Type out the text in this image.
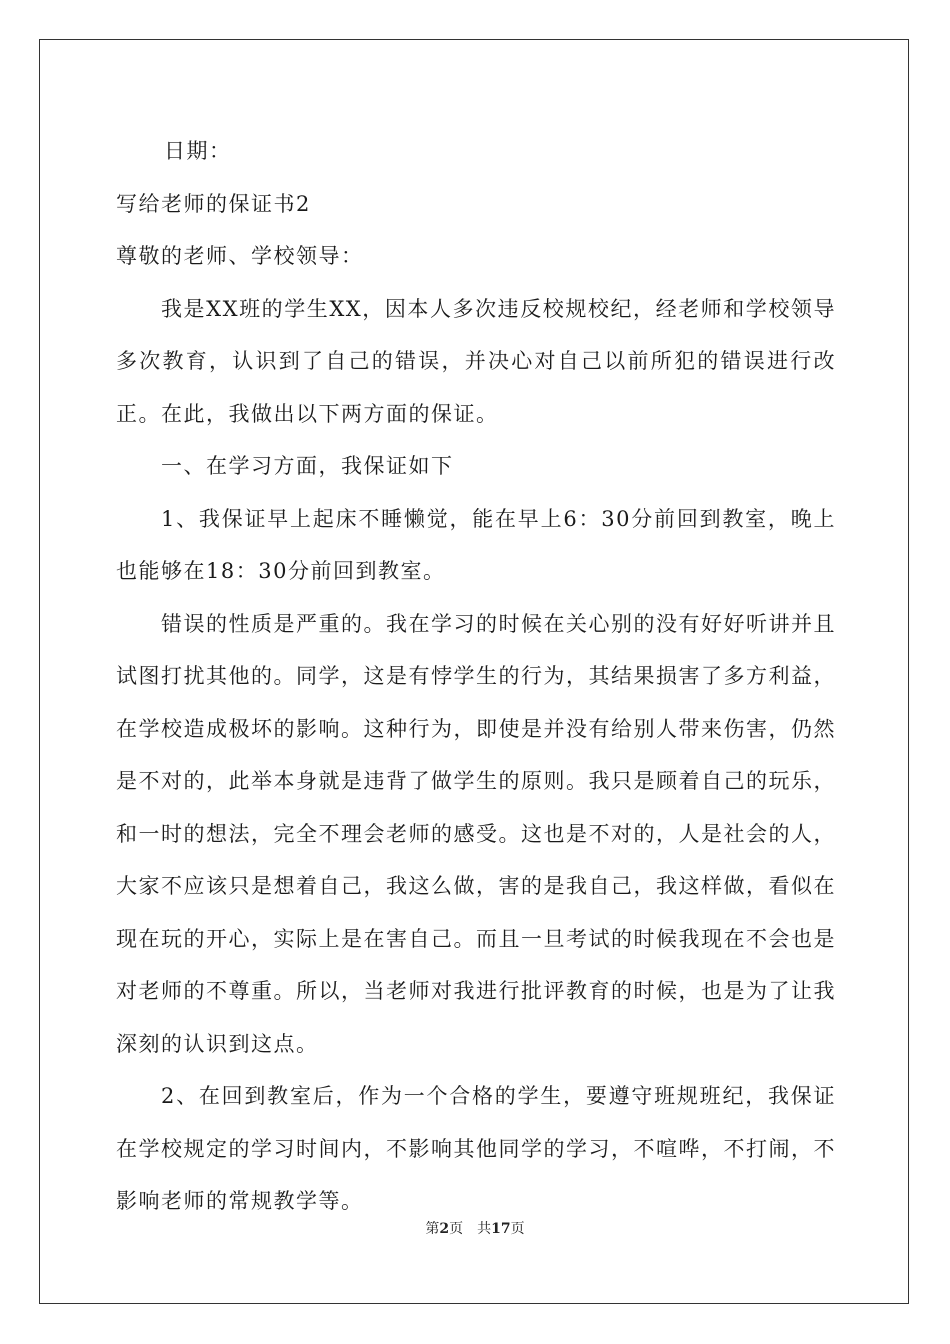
日期：

写给老师的保证书2

尊敬的老师、学校领导：

我是XX班的学生XX，因本人多次违反校规校纪，经老师和学校领导多次教育，认识到了自己的错误，并决心对自己以前所犯的错误进行改正。在此，我做出以下两方面的保证。

一、在学习方面，我保证如下

1、我保证早上起床不睡懒觉，能在早上6：30分前回到教室，晚上也能够在18：30分前回到教室。

错误的性质是严重的。我在学习的时候在关心别的没有好好听讲并且试图打扰其他的。同学，这是有悖学生的行为，其结果损害了多方利益，在学校造成极坏的影响。这种行为，即使是并没有给别人带来伤害，仍然是不对的，此举本身就是违背了做学生的原则。我只是顾着自己的玩乐，和一时的想法，完全不理会老师的感受。这也是不对的，人是社会的人，大家不应该只是想着自己，我这么做，害的是我自己，我这样做，看似在现在玩的开心，实际上是在害自己。而且一旦考试的时候我现在不会也是对老师的不尊重。所以，当老师对我进行批评教育的时候，也是为了让我深刻的认识到这点。

2、在回到教室后，作为一个合格的学生，要遵守班规班纪，我保证在学校规定的学习时间内，不影响其他同学的学习，不喧哗，不打闹，不影响老师的常规教学等。

第2页 共17页
